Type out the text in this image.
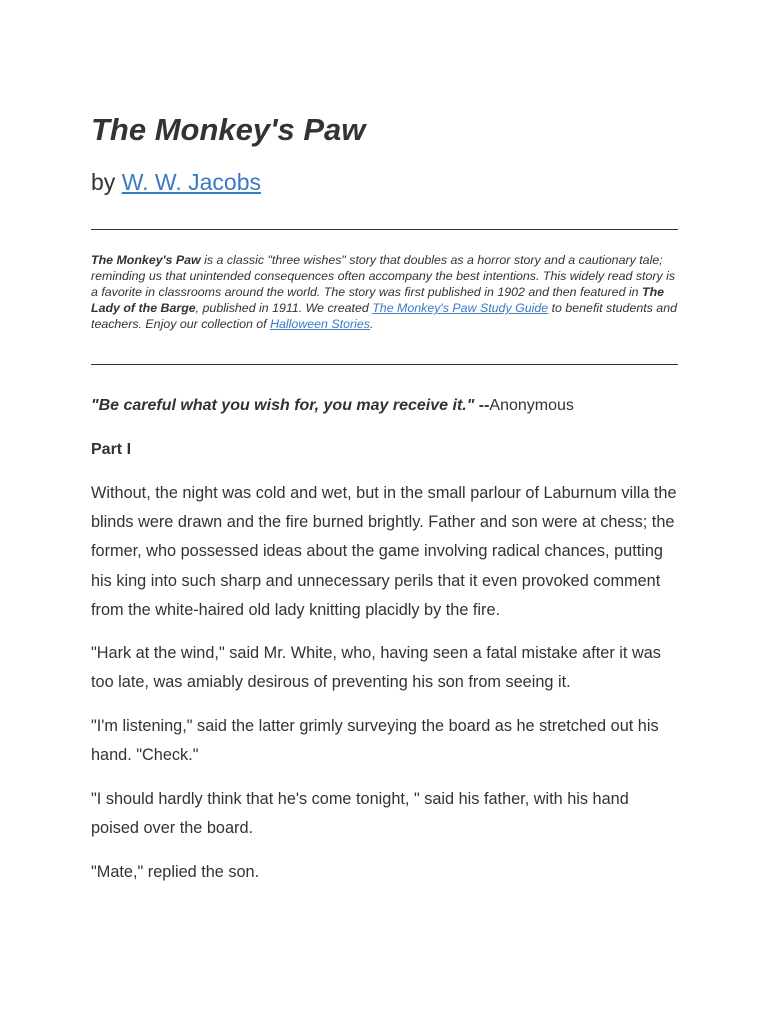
The Monkey's Paw
by W. W. Jacobs

The Monkey's Paw is a classic "three wishes" story that doubles as a horror story and a cautionary tale; reminding us that unintended consequences often accompany the best intentions. This widely read story is a favorite in classrooms around the world. The story was first published in 1902 and then featured in The Lady of the Barge, published in 1911. We created The Monkey's Paw Study Guide to benefit students and teachers. Enjoy our collection of Halloween Stories.

"Be careful what you wish for, you may receive it." --Anonymous

Part I

Without, the night was cold and wet, but in the small parlour of Laburnum villa the blinds were drawn and the fire burned brightly. Father and son were at chess; the former, who possessed ideas about the game involving radical chances, putting his king into such sharp and unnecessary perils that it even provoked comment from the white-haired old lady knitting placidly by the fire.

"Hark at the wind," said Mr. White, who, having seen a fatal mistake after it was too late, was amiably desirous of preventing his son from seeing it.

"I'm listening," said the latter grimly surveying the board as he stretched out his hand. "Check."

"I should hardly think that he's come tonight, " said his father, with his hand poised over the board.

"Mate," replied the son.
